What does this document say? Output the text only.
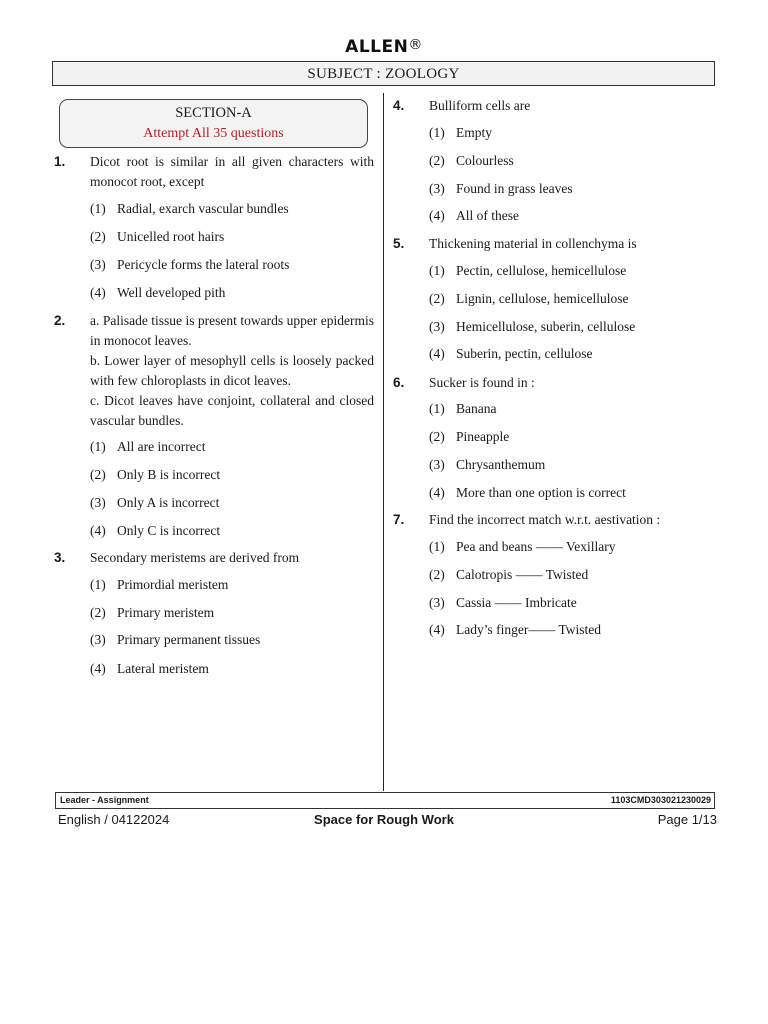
ALLEN®
SUBJECT : ZOOLOGY
SECTION-A
Attempt All 35 questions
1.	Dicot root is similar in all given characters with monocot root, except
(1) Radial, exarch vascular bundles
(2) Unicelled root hairs
(3) Pericycle forms the lateral roots
(4) Well developed pith
2.	a. Palisade tissue is present towards upper epidermis in monocot leaves.
b. Lower layer of mesophyll cells is loosely packed with few chloroplasts in dicot leaves.
c. Dicot leaves have conjoint, collateral and closed vascular bundles.
(1) All are incorrect
(2) Only B is incorrect
(3) Only A is incorrect
(4) Only C is incorrect
3.	Secondary meristems are derived from
(1) Primordial meristem
(2) Primary meristem
(3) Primary permanent tissues
(4) Lateral meristem
4.	Bulliform cells are
(1) Empty
(2) Colourless
(3) Found in grass leaves
(4) All of these
5.	Thickening material in collenchyma is
(1) Pectin, cellulose, hemicellulose
(2) Lignin, cellulose, hemicellulose
(3) Hemicellulose, suberin, cellulose
(4) Suberin, pectin, cellulose
6.	Sucker is found in :
(1) Banana
(2) Pineapple
(3) Chrysanthemum
(4) More than one option is correct
7.	Find the incorrect match w.r.t. aestivation :
(1) Pea and beans —— Vexillary
(2) Calotropis —— Twisted
(3) Cassia —— Imbricate
(4) Lady’s finger—— Twisted
Leader - Assignment	1103CMD303021230029
English / 04122024	Space for Rough Work	Page 1/13
